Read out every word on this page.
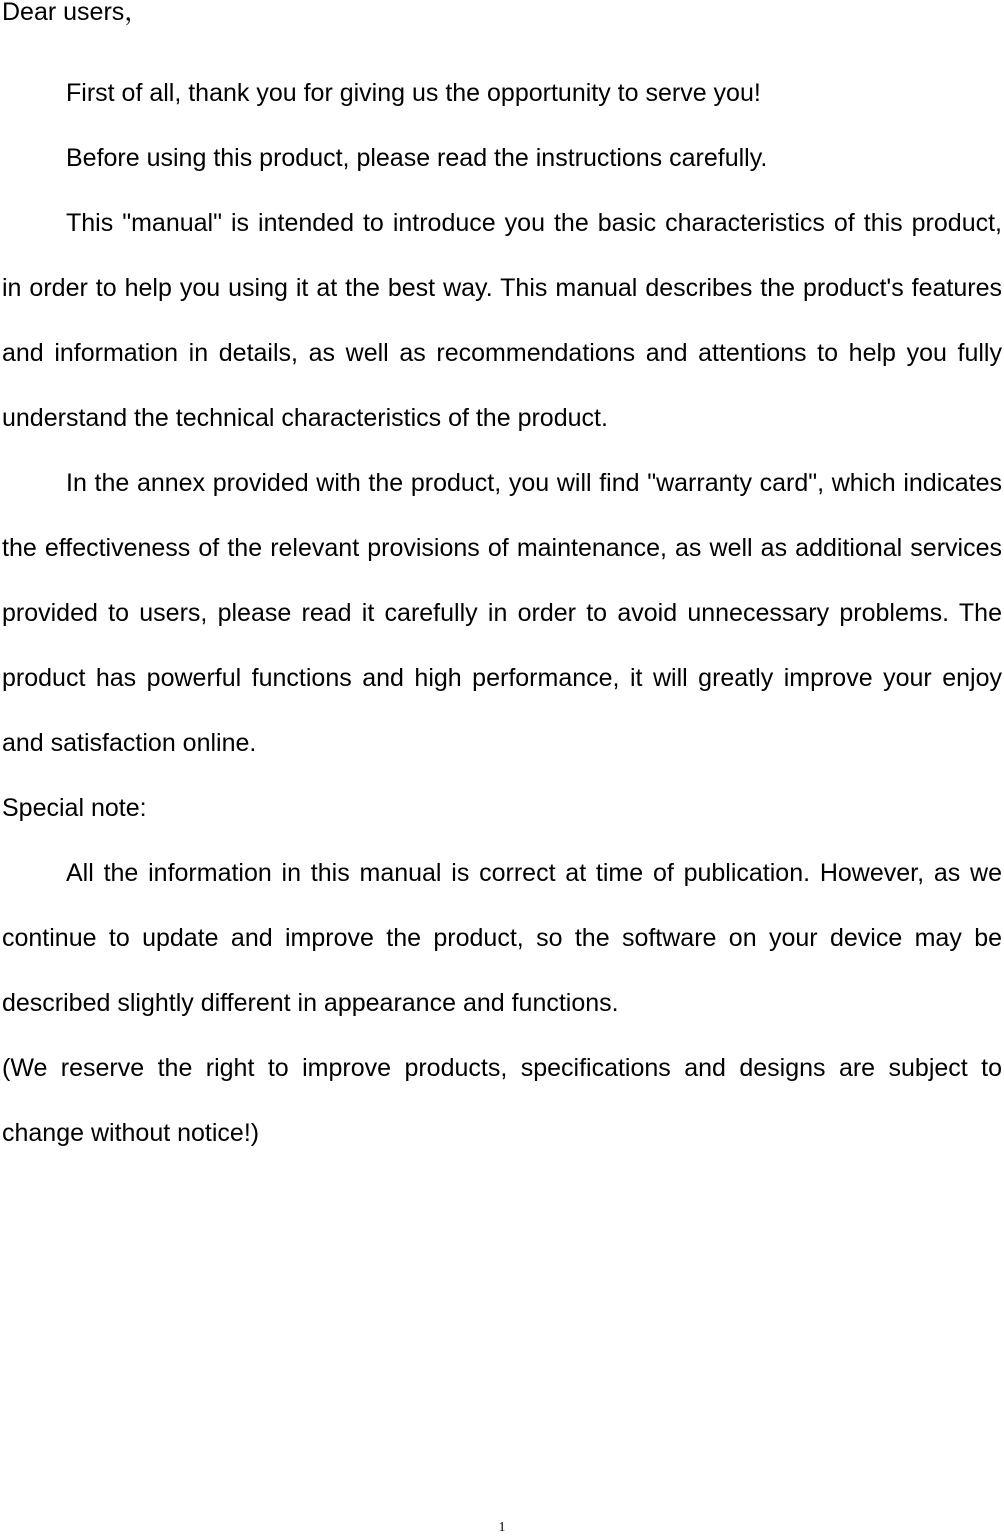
Dear users，

First of all, thank you for giving us the opportunity to serve you!

Before using this product, please read the instructions carefully.

This "manual" is intended to introduce you the basic characteristics of this product, in order to help you using it at the best way. This manual describes the product's features and information in details, as well as recommendations and attentions to help you fully understand the technical characteristics of the product.

In the annex provided with the product, you will find "warranty card", which indicates the effectiveness of the relevant provisions of maintenance, as well as additional services provided to users, please read it carefully in order to avoid unnecessary problems. The product has powerful functions and high performance, it will greatly improve your enjoy and satisfaction online.

Special note:

All the information in this manual is correct at time of publication. However, as we continue to update and improve the product, so the software on your device may be described slightly different in appearance and functions.

(We reserve the right to improve products, specifications and designs are subject to change without notice!)

1
